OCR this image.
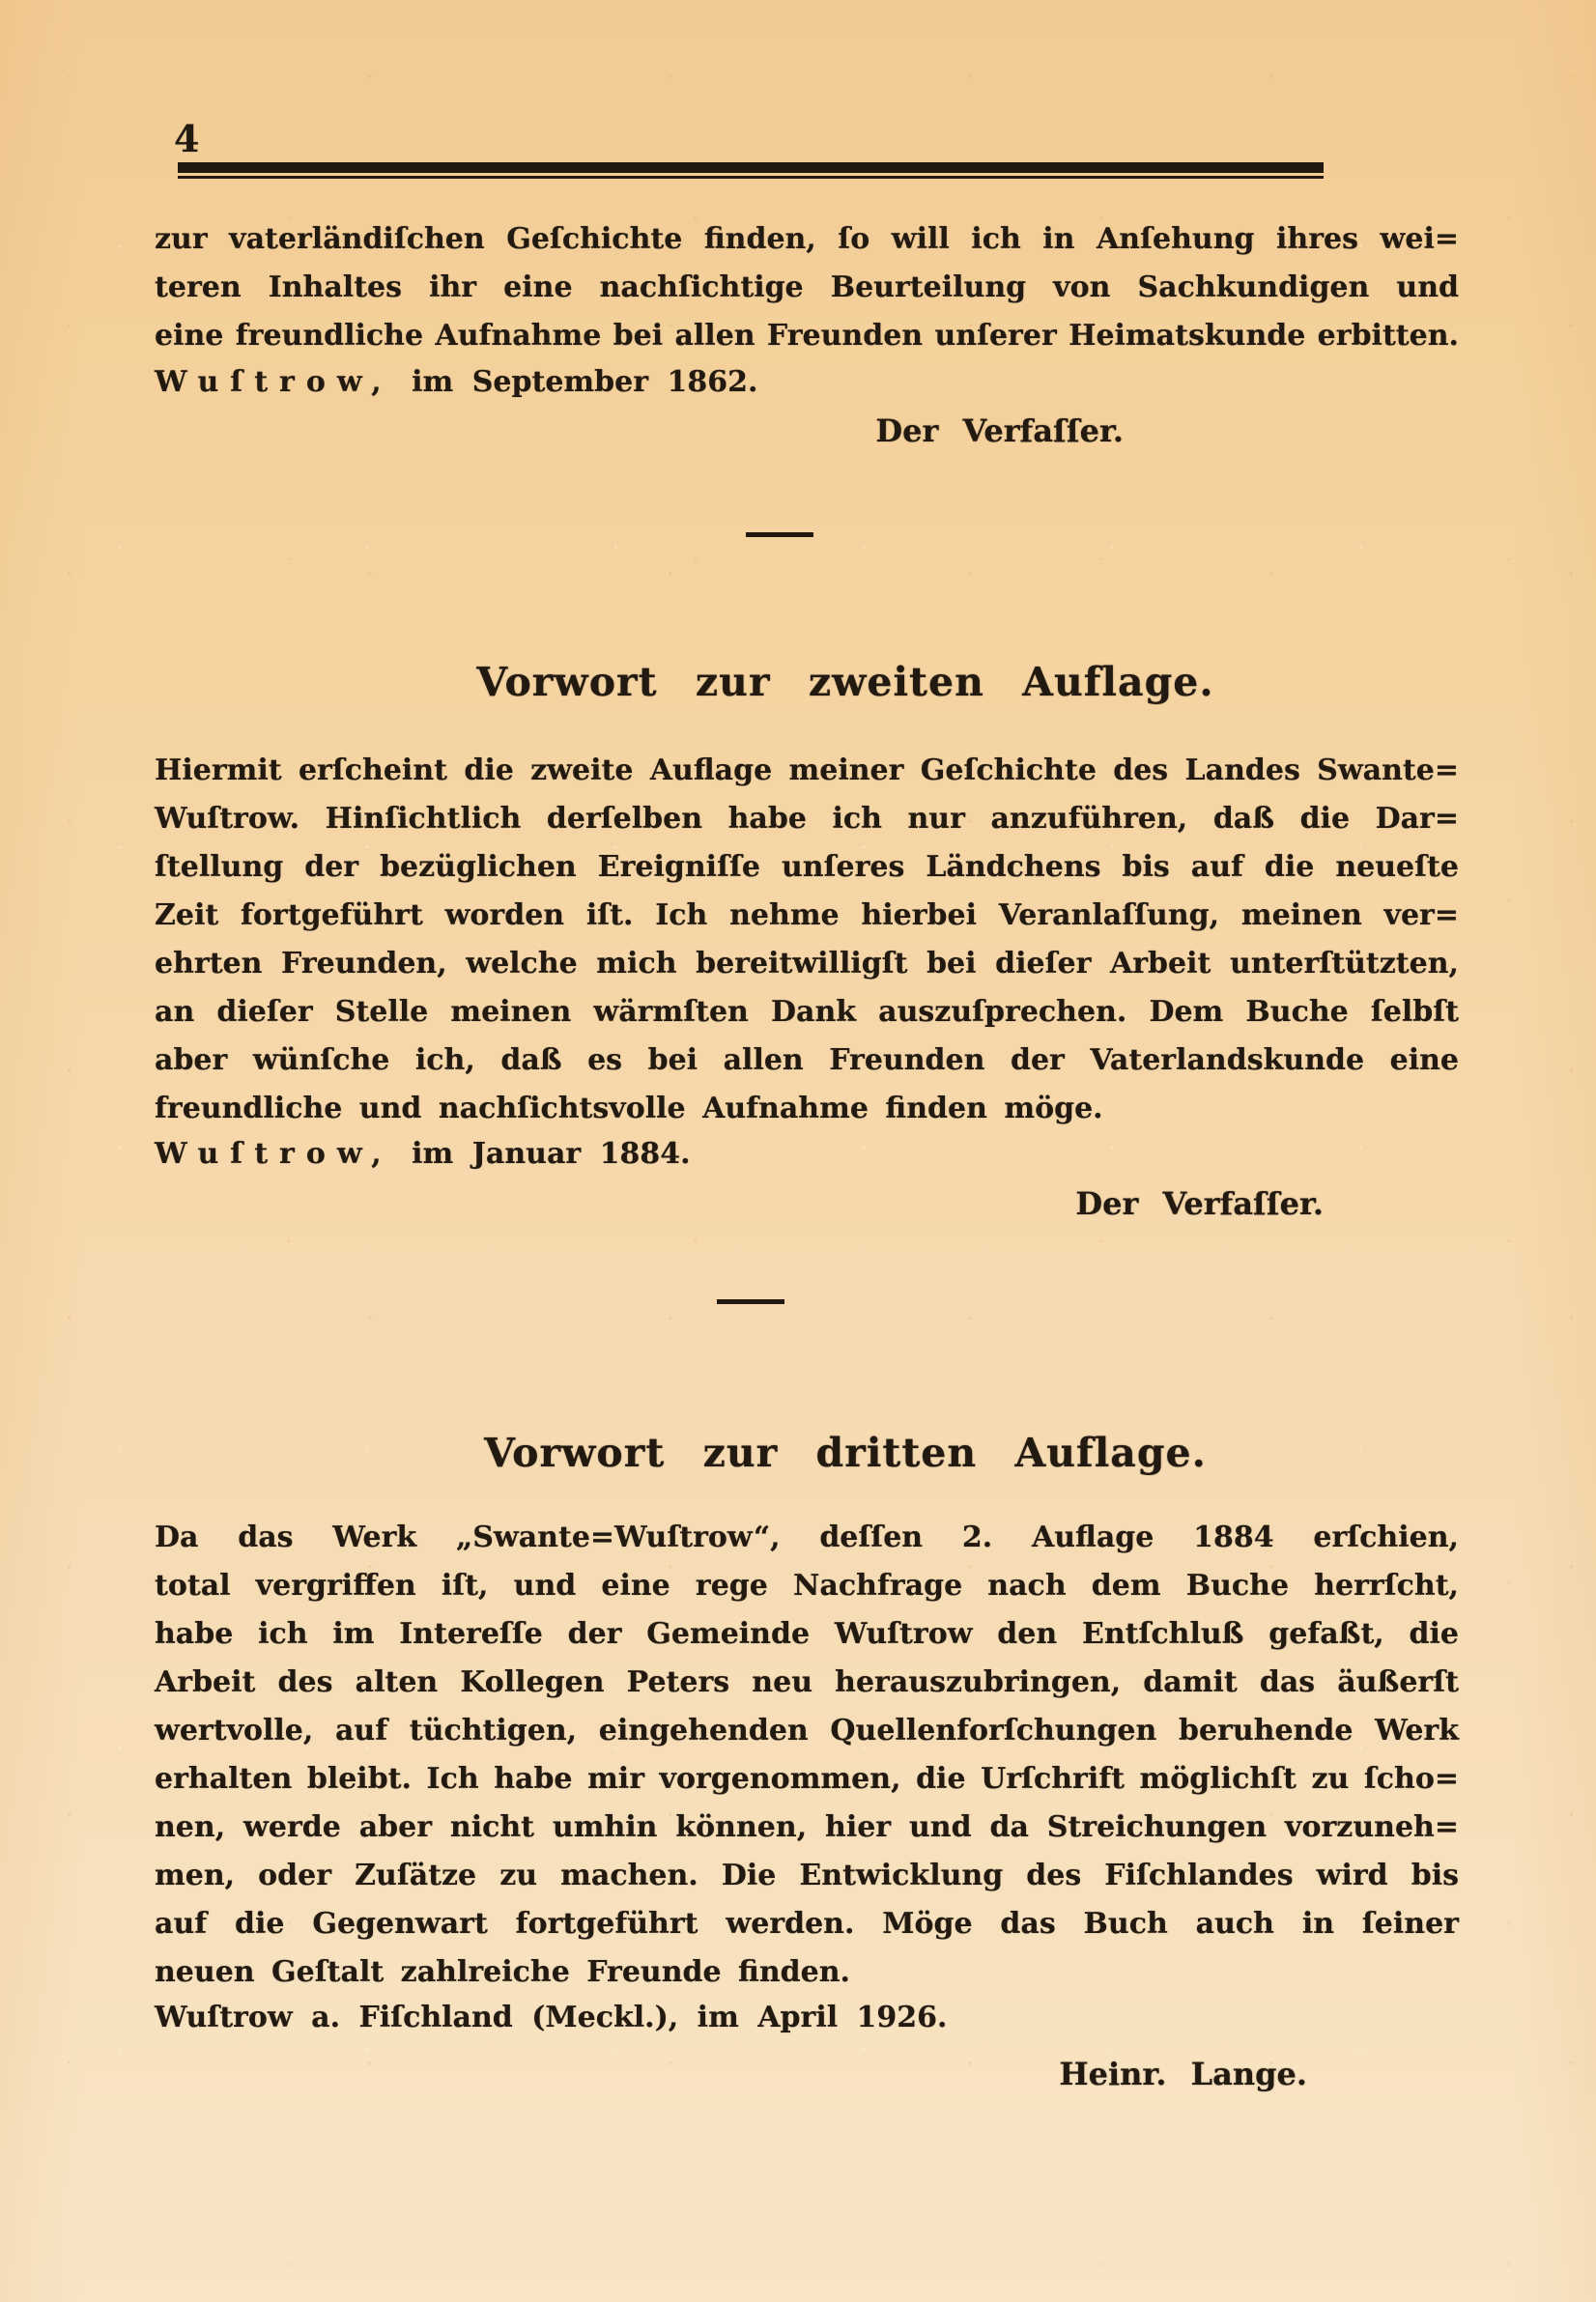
4
zur vaterländiſchen Geſchichte finden, ſo will ich in Anſehung ihres wei=
teren Inhaltes ihr eine nachſichtige Beurteilung von Sachkundigen und
eine freundliche Aufnahme bei allen Freunden unſerer Heimatskunde erbitten.
Wuſtrow, im September 1862.
Der Verfaſſer.
Vorwort zur zweiten Auflage.
Hiermit erſcheint die zweite Auflage meiner Geſchichte des Landes Swante=
Wuſtrow. Hinſichtlich derſelben habe ich nur anzuführen, daß die Dar=
ſtellung der bezüglichen Ereigniſſe unſeres Ländchens bis auf die neueſte
Zeit fortgeführt worden iſt. Ich nehme hierbei Veranlaſſung, meinen ver=
ehrten Freunden, welche mich bereitwilligſt bei dieſer Arbeit unterſtützten,
an dieſer Stelle meinen wärmſten Dank auszuſprechen. Dem Buche ſelbſt
aber wünſche ich, daß es bei allen Freunden der Vaterlandskunde eine
freundliche und nachſichtsvolle Aufnahme finden möge.
Wuſtrow, im Januar 1884.
Der Verfaſſer.
Vorwort zur dritten Auflage.
Da das Werk „Swante=Wuſtrow“, deſſen 2. Auflage 1884 erſchien,
total vergriffen iſt, und eine rege Nachfrage nach dem Buche herrſcht,
habe ich im Intereſſe der Gemeinde Wuſtrow den Entſchluß gefaßt, die
Arbeit des alten Kollegen Peters neu herauszubringen, damit das äußerſt
wertvolle, auf tüchtigen, eingehenden Quellenforſchungen beruhende Werk
erhalten bleibt. Ich habe mir vorgenommen, die Urſchrift möglichſt zu ſcho=
nen, werde aber nicht umhin können, hier und da Streichungen vorzuneh=
men, oder Zuſätze zu machen. Die Entwicklung des Fiſchlandes wird bis
auf die Gegenwart fortgeführt werden. Möge das Buch auch in ſeiner
neuen Geſtalt zahlreiche Freunde finden.
Wuſtrow a. Fiſchland (Meckl.), im April 1926.
Heinr. Lange.
